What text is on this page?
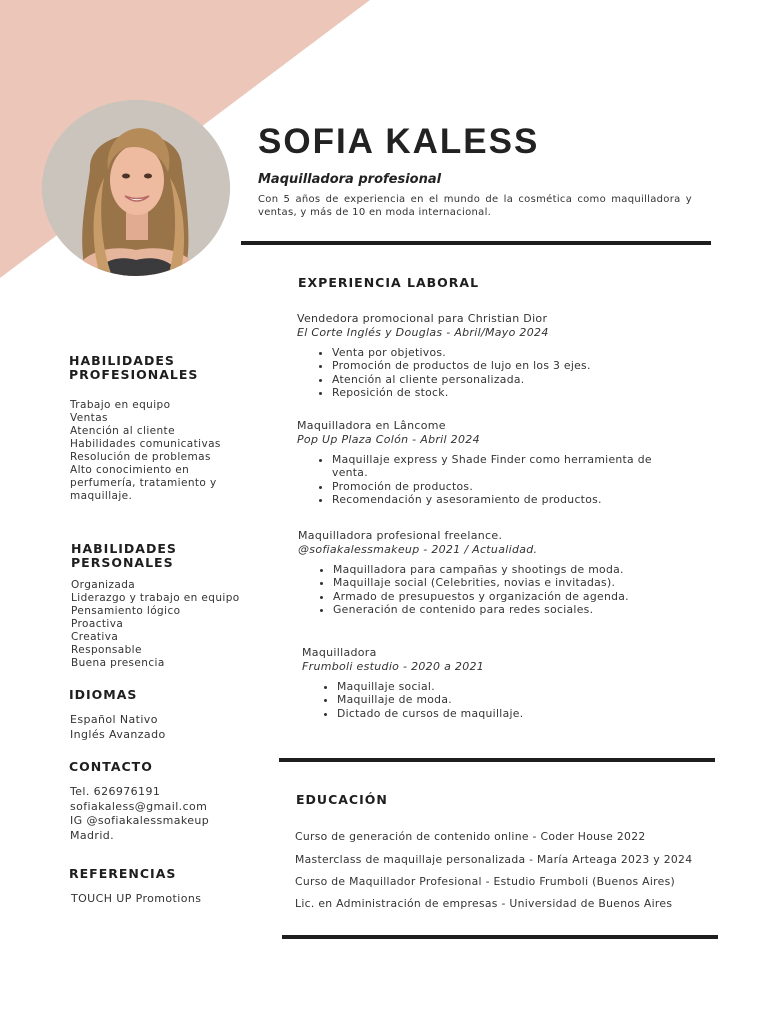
SOFIA KALESS
Maquilladora profesional
Con 5 años de experiencia en el mundo de la cosmética como maquilladora y ventas, y más de 10 en moda internacional.
HABILIDADES
PROFESIONALES
Trabajo en equipo
Ventas
Atención al cliente
Habilidades comunicativas
Resolución de problemas
Alto conocimiento en
perfumería, tratamiento y
maquillaje.
HABILIDADES
PERSONALES
Organizada
Liderazgo y trabajo en equipo
Pensamiento lógico
Proactiva
Creativa
Responsable
Buena presencia
IDIOMAS
Español Nativo
Inglés Avanzado
CONTACTO
Tel. 626976191
sofiakaless@gmail.com
IG @sofiakalessmakeup
Madrid.
REFERENCIAS
TOUCH UP Promotions
EXPERIENCIA LABORAL
Vendedora promocional para Christian Dior
El Corte Inglés y Douglas - Abril/Mayo 2024
• Venta por objetivos.
• Promoción de productos de lujo en los 3 ejes.
• Atención al cliente personalizada.
• Reposición de stock.
Maquilladora en Lâncome
Pop Up Plaza Colón - Abril 2024
• Maquillaje express y Shade Finder como herramienta de venta.
• Promoción de productos.
• Recomendación y asesoramiento de productos.
Maquilladora profesional freelance.
@sofiakalessmakeup - 2021 / Actualidad.
• Maquilladora para campañas y shootings de moda.
• Maquillaje social (Celebrities, novias e invitadas).
• Armado de presupuestos y organización de agenda.
• Generación de contenido para redes sociales.
Maquilladora
Frumboli estudio - 2020 a 2021
• Maquillaje social.
• Maquillaje de moda.
• Dictado de cursos de maquillaje.
EDUCACIÓN
Curso de generación de contenido online - Coder House 2022
Masterclass de maquillaje personalizada - María Arteaga 2023 y 2024
Curso de Maquillador Profesional - Estudio Frumboli (Buenos Aires)
Lic. en Administración de empresas - Universidad de Buenos Aires
